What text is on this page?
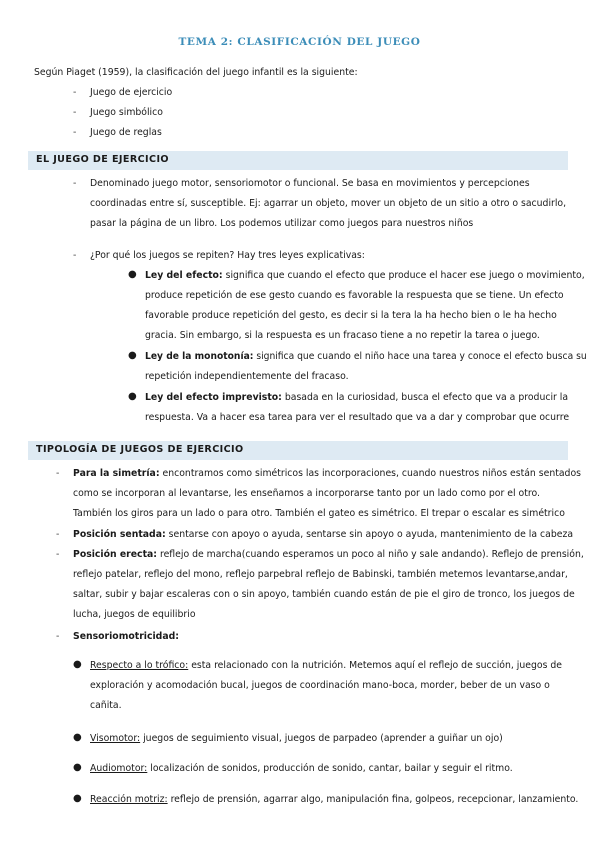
TEMA 2: CLASIFICACIÓN DEL JUEGO
Según Piaget (1959), la clasificación del juego infantil es la siguiente:
- Juego de ejercicio
- Juego simbólico
- Juego de reglas
EL JUEGO DE EJERCICIO
- Denominado juego motor, sensoriomotor o funcional. Se basa en movimientos y percepciones
coordinadas entre sí, susceptible. Ej: agarrar un objeto, mover un objeto de un sitio a otro o sacudirlo,
pasar la página de un libro. Los podemos utilizar como juegos para nuestros niños
- ¿Por qué los juegos se repiten? Hay tres leyes explicativas:
● Ley del efecto: significa que cuando el efecto que produce el hacer ese juego o movimiento,
produce repetición de ese gesto cuando es favorable la respuesta que se tiene. Un efecto
favorable produce repetición del gesto, es decir si la tera la ha hecho bien o le ha hecho
gracia. Sin embargo, si la respuesta es un fracaso tiene a no repetir la tarea o juego.
● Ley de la monotonía: significa que cuando el niño hace una tarea y conoce el efecto busca su
repetición independientemente del fracaso.
● Ley del efecto imprevisto: basada en la curiosidad, busca el efecto que va a producir la
respuesta. Va a hacer esa tarea para ver el resultado que va a dar y comprobar que ocurre
TIPOLOGÍA DE JUEGOS DE EJERCICIO
- Para la simetría: encontramos como simétricos las incorporaciones, cuando nuestros niños están sentados
como se incorporan al levantarse, les enseñamos a incorporarse tanto por un lado como por el otro.
También los giros para un lado o para otro. También el gateo es simétrico. El trepar o escalar es simétrico
- Posición sentada: sentarse con apoyo o ayuda, sentarse sin apoyo o ayuda, mantenimiento de la cabeza
- Posición erecta: reflejo de marcha(cuando esperamos un poco al niño y sale andando). Reflejo de prensión,
reflejo patelar, reflejo del mono, reflejo parpebral reflejo de Babinski, también metemos levantarse,andar,
saltar, subir y bajar escaleras con o sin apoyo, también cuando están de pie el giro de tronco, los juegos de
lucha, juegos de equilibrio
- Sensoriomotricidad:
● Respecto a lo trófico: esta relacionado con la nutrición. Metemos aquí el reflejo de succión, juegos de
exploración y acomodación bucal, juegos de coordinación mano-boca, morder, beber de un vaso o
cañita.
● Visomotor: juegos de seguimiento visual, juegos de parpadeo (aprender a guiñar un ojo)
● Audiomotor: localización de sonidos, producción de sonido, cantar, bailar y seguir el ritmo.
● Reacción motriz: reflejo de prensión, agarrar algo, manipulación fina, golpeos, recepcionar, lanzamiento.
